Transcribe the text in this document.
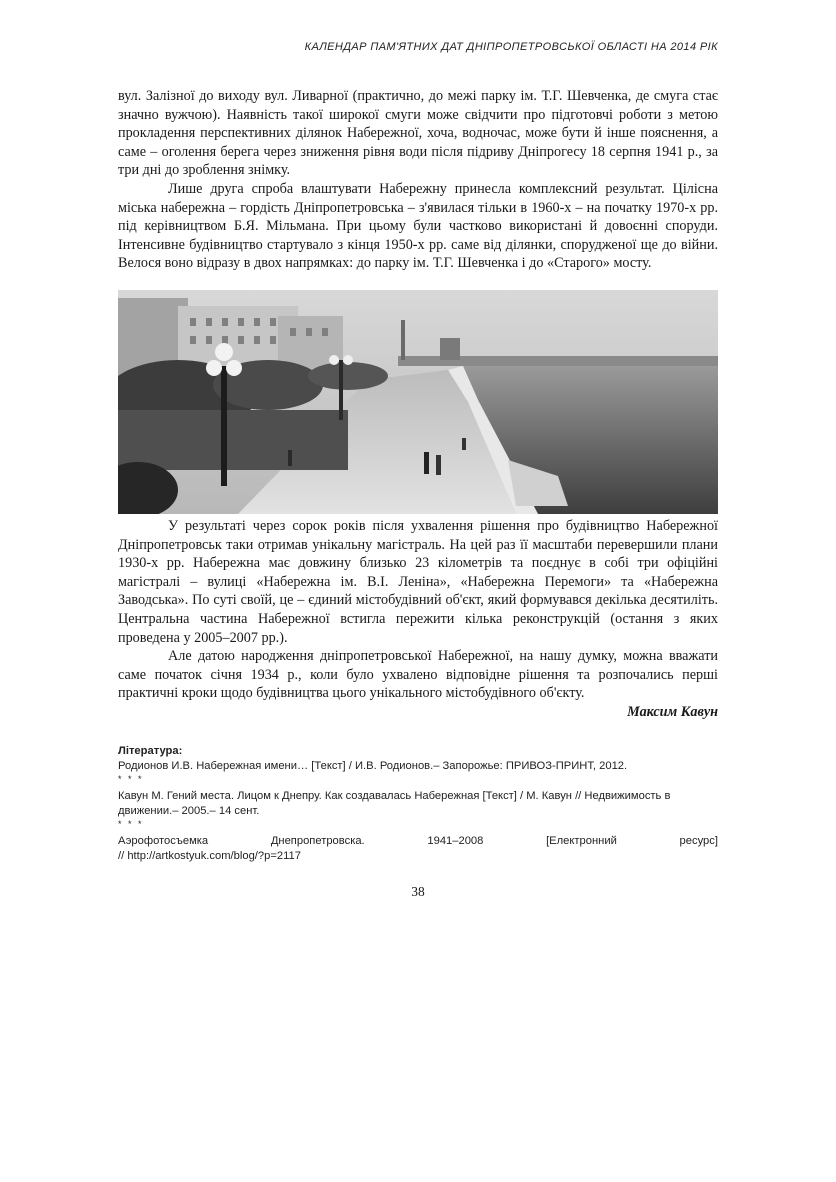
КАЛЕНДАР ПАМ'ЯТНИХ ДАТ ДНІПРОПЕТРОВСЬКОЇ ОБЛАСТІ НА 2014 РІК

вул. Залізної до виходу вул. Ливарної (практично, до межі парку ім. Т.Г. Шевченка, де смуга стає значно вужчою). Наявність такої широкої смуги може свідчити про підготовчі роботи з метою прокладення перспективних ділянок Набережної, хоча, водночас, може бути й інше пояснення, а саме – оголення берега через зниження рівня води після підриву Дніпрогесу 18 серпня 1941 р., за три дні до зроблення знімку.

Лише друга спроба влаштувати Набережну принесла комплексний результат. Цілісна міська набережна – гордість Дніпропетровська – з'явилася тільки в 1960-х – на початку 1970-х рр. під керівництвом Б.Я. Мільмана. При цьому були частково використані й довоєнні споруди. Інтенсивне будівництво стартувало з кінця 1950-х рр. саме від ділянки, спорудженої ще до війни. Велося воно відразу в двох напрямках: до парку ім. Т.Г. Шевченка і до «Старого» мосту.

У результаті через сорок років після ухвалення рішення про будівництво Набережної Дніпропетровськ таки отримав унікальну магістраль. На цей раз її масштаби перевершили плани 1930-х рр. Набережна має довжину близько 23 кілометрів та поєднує в собі три офіційні магістралі – вулиці «Набережна ім. В.І. Леніна», «Набережна Перемоги» та «Набережна Заводська». По суті своїй, це – єдиний містобудівний об'єкт, який формувався декілька десятиліть. Центральна частина Набережної встигла пережити кілька реконструкцій (остання з яких проведена у 2005–2007 рр.).

Але датою народження дніпропетровської Набережної, на нашу думку, можна вважати саме початок січня 1934 р., коли було ухвалено відповідне рішення та розпочались перші практичні кроки щодо будівництва цього унікального містобудівного об'єкту.

Максим Кавун

Література:

Родионов И.В. Набережная имени… [Текст] / И.В. Родионов.– Запорожье: ПРИВОЗ-ПРИНТ, 2012.

* * *

Кавун М. Гений места. Лицом к Днепру. Как создавалась Набережная [Текст] / М. Кавун // Недвижимость в движении.– 2005.– 14 сент.

* * *

Аэрофотосъемка	Днепропетровска.	1941–2008	[Електронний	ресурс]

// http://artkostyuk.com/blog/?p=2117

38
